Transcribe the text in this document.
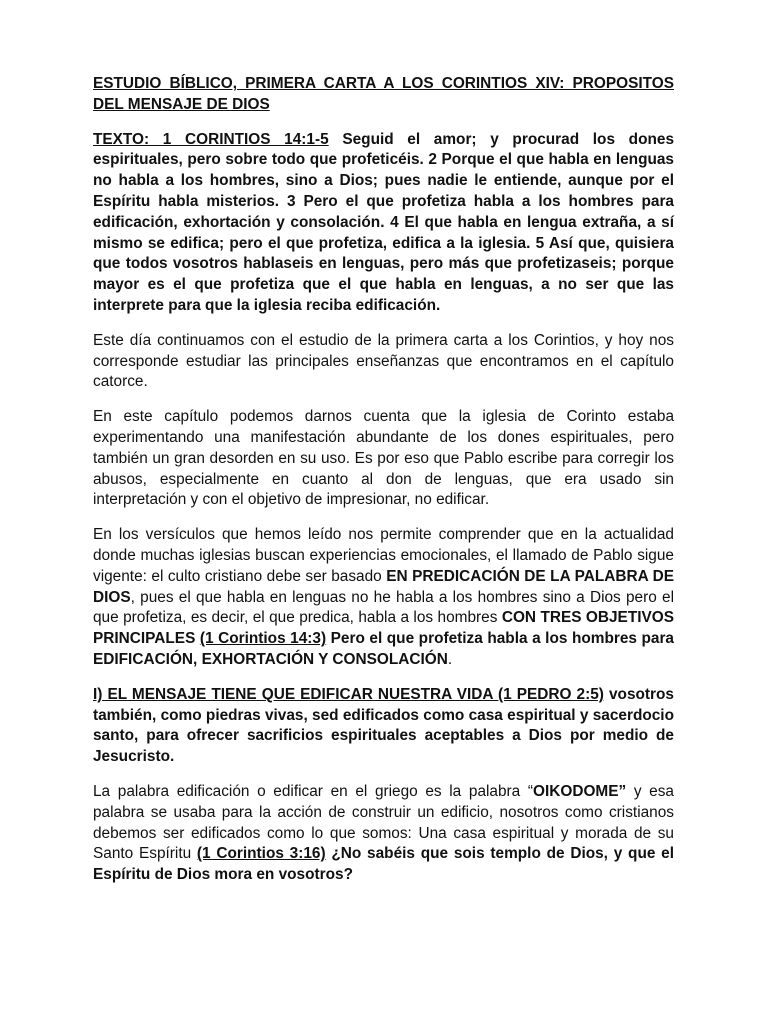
ESTUDIO BÍBLICO, PRIMERA CARTA A LOS CORINTIOS XIV: PROPOSITOS DEL MENSAJE DE DIOS

TEXTO: 1 CORINTIOS 14:1-5 Seguid el amor; y procurad los dones espirituales, pero sobre todo que profeticéis. 2 Porque el que habla en lenguas no habla a los hombres, sino a Dios; pues nadie le entiende, aunque por el Espíritu habla misterios. 3 Pero el que profetiza habla a los hombres para edificación, exhortación y consolación. 4 El que habla en lengua extraña, a sí mismo se edifica; pero el que profetiza, edifica a la iglesia. 5 Así que, quisiera que todos vosotros hablaseis en lenguas, pero más que profetizaseis; porque mayor es el que profetiza que el que habla en lenguas, a no ser que las interprete para que la iglesia reciba edificación.

Este día continuamos con el estudio de la primera carta a los Corintios, y hoy nos corresponde estudiar las principales enseñanzas que encontramos en el capítulo catorce.

En este capítulo podemos darnos cuenta que la iglesia de Corinto estaba experimentando una manifestación abundante de los dones espirituales, pero también un gran desorden en su uso. Es por eso que Pablo escribe para corregir los abusos, especialmente en cuanto al don de lenguas, que era usado sin interpretación y con el objetivo de impresionar, no edificar.

En los versículos que hemos leído nos permite comprender que en la actualidad donde muchas iglesias buscan experiencias emocionales, el llamado de Pablo sigue vigente: el culto cristiano debe ser basado EN PREDICACIÓN DE LA PALABRA DE DIOS, pues el que habla en lenguas no he habla a los hombres sino a Dios pero el que profetiza, es decir, el que predica, habla a los hombres CON TRES OBJETIVOS PRINCIPALES (1 Corintios 14:3) Pero el que profetiza habla a los hombres para EDIFICACIÓN, EXHORTACIÓN Y CONSOLACIÓN.

I) EL MENSAJE TIENE QUE EDIFICAR NUESTRA VIDA (1 PEDRO 2:5) vosotros también, como piedras vivas, sed edificados como casa espiritual y sacerdocio santo, para ofrecer sacrificios espirituales aceptables a Dios por medio de Jesucristo.

La palabra edificación o edificar en el griego es la palabra “OIKODOME” y esa palabra se usaba para la acción de construir un edificio, nosotros como cristianos debemos ser edificados como lo que somos: Una casa espiritual y morada de su Santo Espíritu (1 Corintios 3:16) ¿No sabéis que sois templo de Dios, y que el Espíritu de Dios mora en vosotros?
